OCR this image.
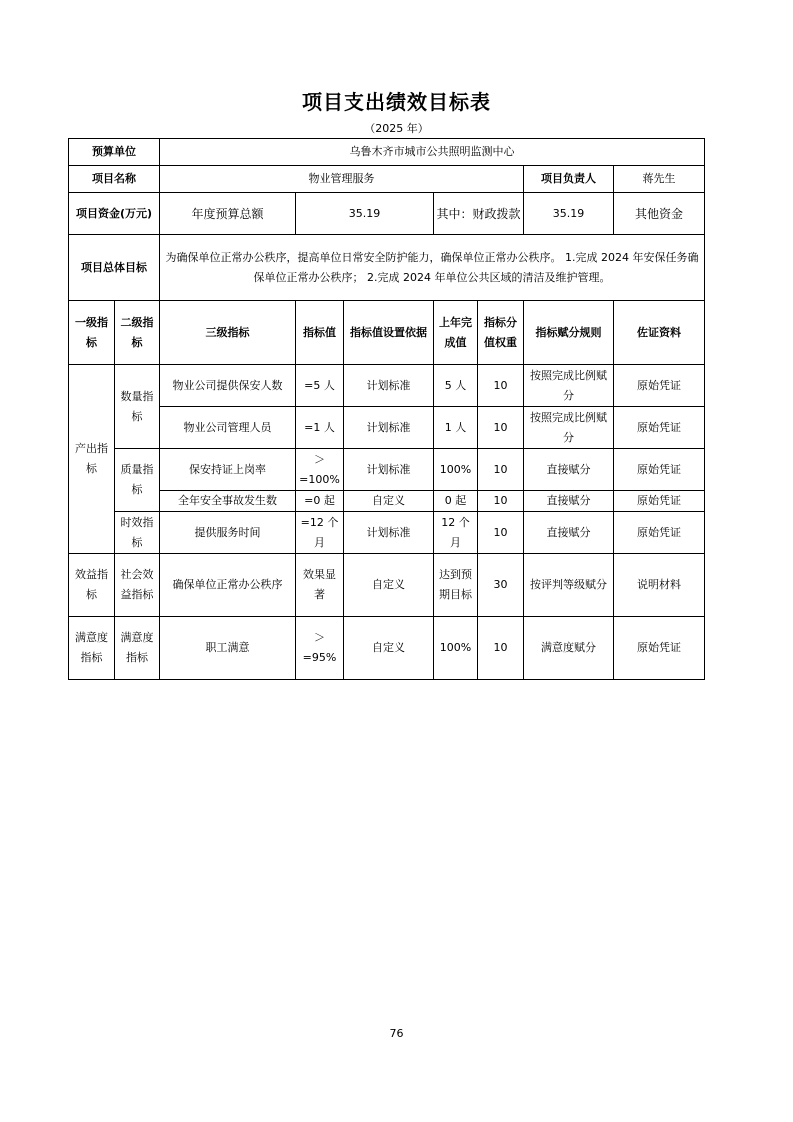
项目支出绩效目标表
（2025 年）
预算单位		乌鲁木齐市城市公共照明监测中心							
项目名称		物业管理服务					项目负责人	蒋先生	
项目资金(万元)		年度预算总额	35.19		其中：财政拨款		35.19	其他资金	
项目总体目标		为确保单位正常办公秩序，提高单位日常安全防护能力，确保单位正常办公秩序。 1.完成 2024 年安保任务确保单位正常办公秩序； 2.完成 2024 年单位公共区域的清洁及维护管理。							
一级指标	二级指标	三级指标	指标值	指标值设置依据	上年完成值	指标分值权重	指标赋分规则	佐证资料	
产出指标	数量指标	物业公司提供保安人数	=5 人	计划标准	5 人	10	按照完成比例赋分	原始凭证	
		物业公司管理人员	=1 人	计划标准	1 人	10	按照完成比例赋分	原始凭证	
	质量指标	保安持证上岗率	＞=100%	计划标准	100%	10	直接赋分	原始凭证	
		全年安全事故发生数	=0 起	自定义	0 起	10	直接赋分	原始凭证	
	时效指标	提供服务时间	=12 个月	计划标准	12 个月	10	直接赋分	原始凭证	
效益指标	社会效益指标	确保单位正常办公秩序	效果显著	自定义	达到预期目标	30	按评判等级赋分	说明材料	
满意度指标	满意度指标	职工满意	＞=95%	自定义	100%	10	满意度赋分	原始凭证	
76
